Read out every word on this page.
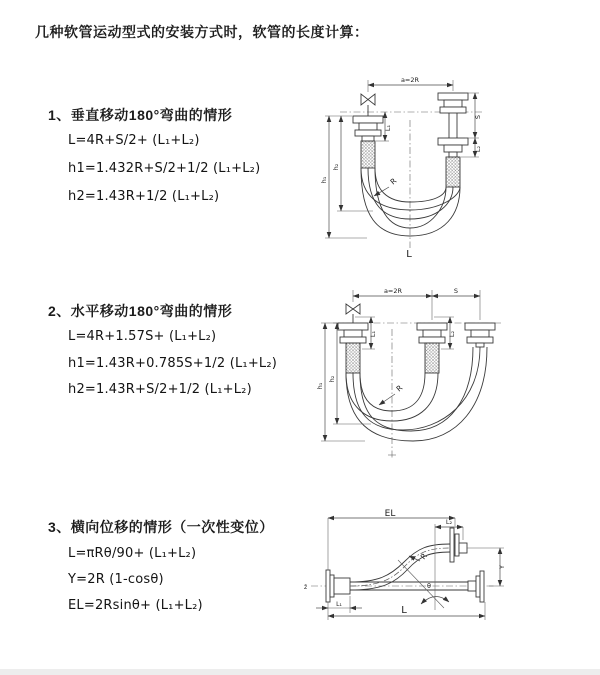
几种软管运动型式的安装方式时，软管的长度计算：
1、垂直移动180°弯曲的情形
L=4R+S/2+ (L₁+L₂)
h1=1.432R+S/2+1/2 (L₁+L₂)
h2=1.43R+1/2 (L₁+L₂)
a=2R
S
L₂
L₁
h₁
h₂
R
L
2、水平移动180°弯曲的情形
L=4R+1.57S+ (L₁+L₂)
h1=1.43R+0.785S+1/2 (L₁+L₂)
h2=1.43R+S/2+1/2 (L₁+L₂)
a=2R	S
L₁	L₂
h₁
h₂
R
3、横向位移的情形（一次性变位）
L=πRθ/90+ (L₁+L₂)
Y=2R (1-cosθ)
EL=2Rsinθ+ (L₁+L₂)
EL
L₂
Y
L
L₁
R
θ
z̄
